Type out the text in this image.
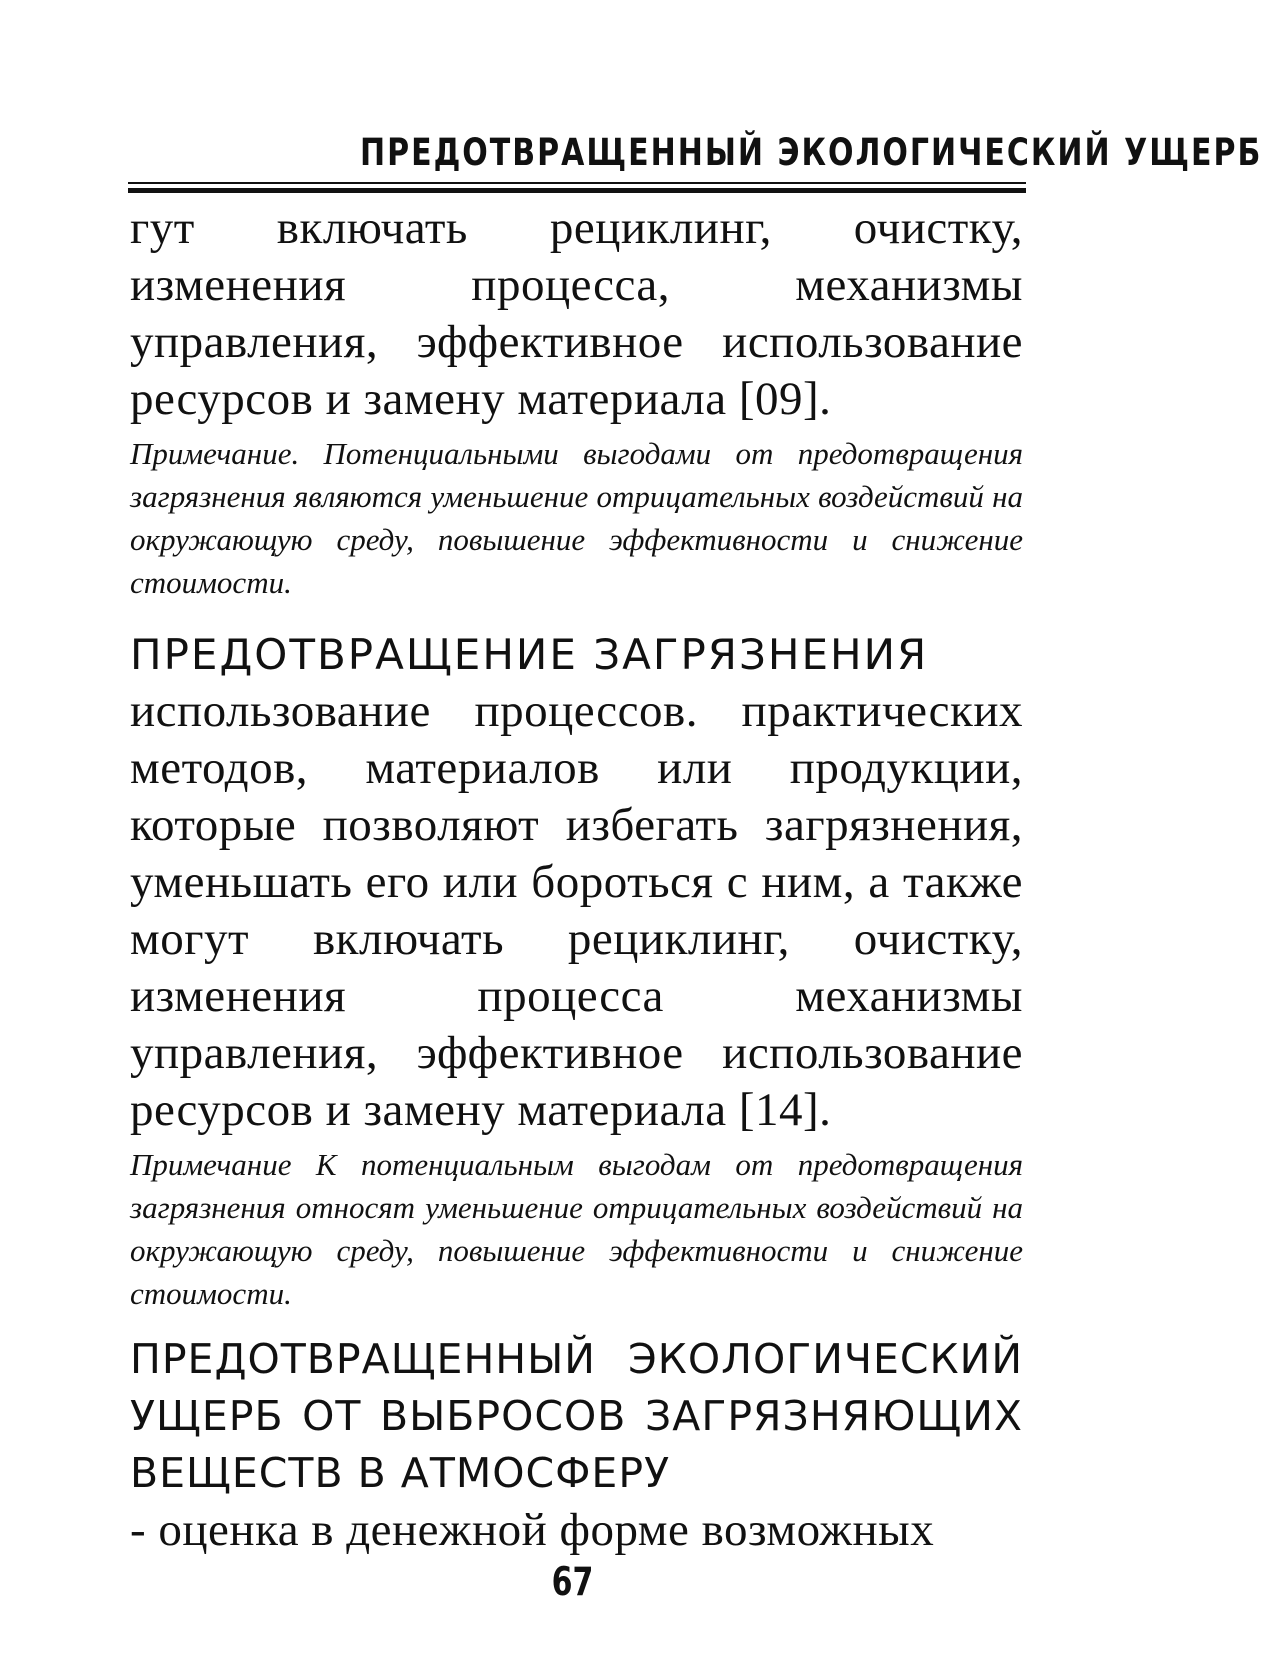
ПРЕДОТВРАЩЕННЫЙ ЭКОЛОГИЧЕСКИЙ УЩЕРБ

гут включать рециклинг, очистку, изменения процесса, механизмы управления, эффективное использование ресурсов и замену материала [09].

Примечание. Потенциальными выгодами от предотвращения загрязнения являются уменьшение отрицательных воздействий на окружающую среду, повышение эффективности и снижение стоимости.

ПРЕДОТВРАЩЕНИЕ ЗАГРЯЗНЕНИЯ

использование процессов. практических методов, материалов или продукции, которые позволяют избегать загрязнения, уменьшать его или бороться с ним, а также могут включать рециклинг, очистку, изменения процесса механизмы управления, эффективное использование ресурсов и замену материала [14].

Примечание К потенциальным выгодам от предотвращения загрязнения относят уменьшение отрицательных воздействий на окружающую среду, повышение эффективности и снижение стоимости.

ПРЕДОТВРАЩЕННЫЙ ЭКОЛОГИЧЕСКИЙ УЩЕРБ ОТ ВЫБРОСОВ ЗАГРЯЗНЯЮЩИХ ВЕЩЕСТВ В АТМОСФЕРУ

- оценка в денежной форме возможных

67
